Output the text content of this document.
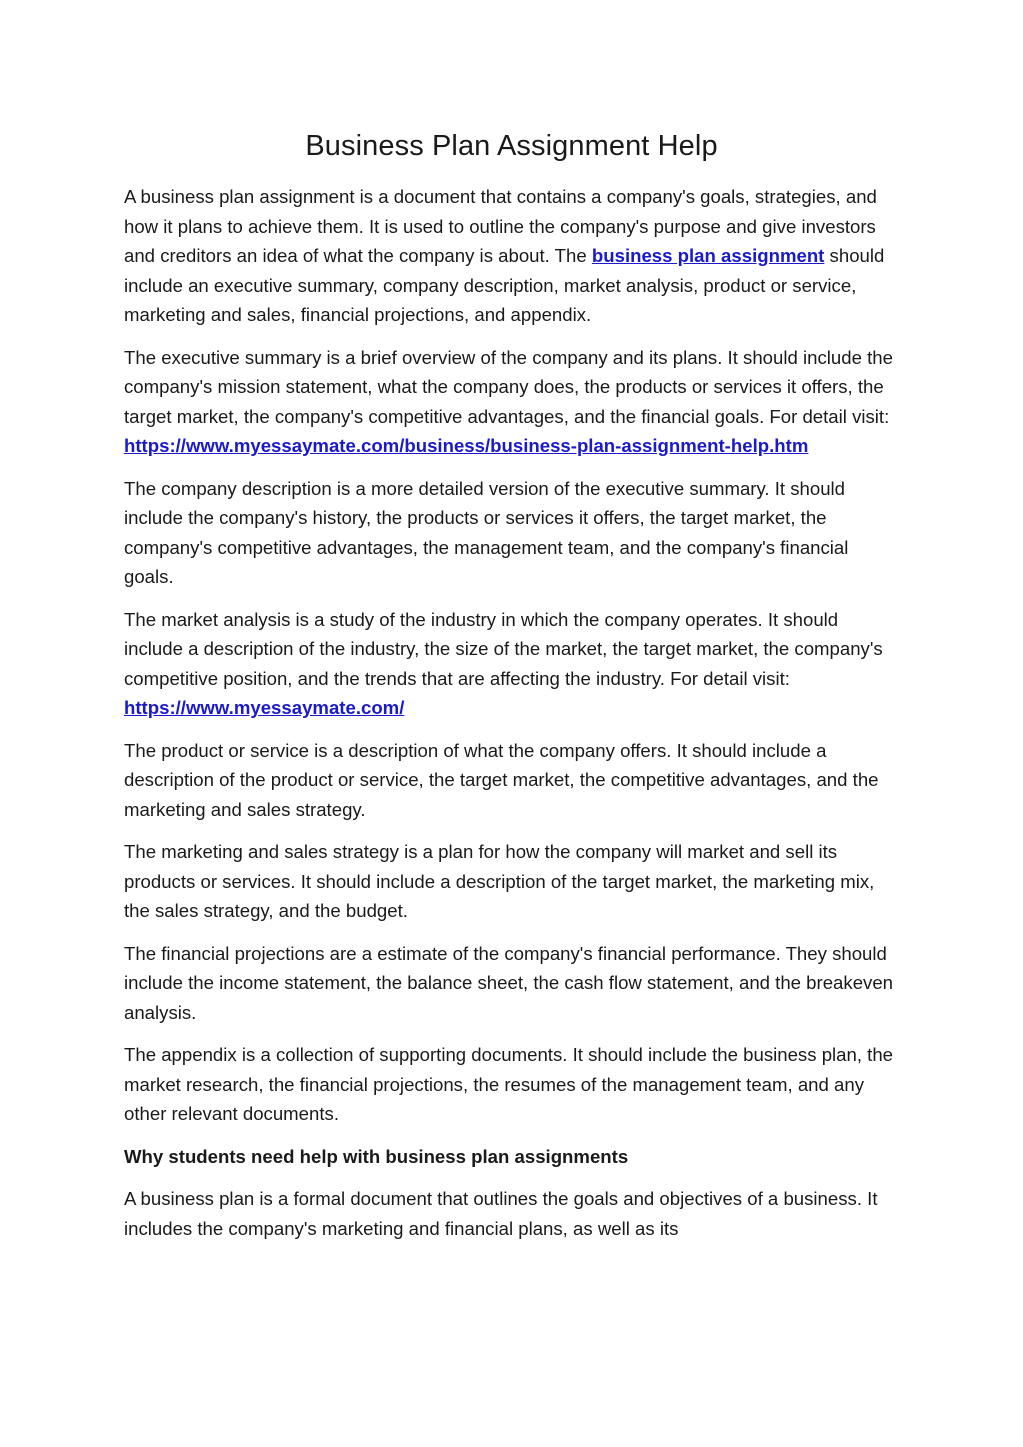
Business Plan Assignment Help

A business plan assignment is a document that contains a company's goals, strategies, and how it plans to achieve them. It is used to outline the company's purpose and give investors and creditors an idea of what the company is about. The business plan assignment should include an executive summary, company description, market analysis, product or service, marketing and sales, financial projections, and appendix.

The executive summary is a brief overview of the company and its plans. It should include the company's mission statement, what the company does, the products or services it offers, the target market, the company's competitive advantages, and the financial goals. For detail visit: https://www.myessaymate.com/business/business-plan-assignment-help.htm

The company description is a more detailed version of the executive summary. It should include the company's history, the products or services it offers, the target market, the company's competitive advantages, the management team, and the company's financial goals.

The market analysis is a study of the industry in which the company operates. It should include a description of the industry, the size of the market, the target market, the company's competitive position, and the trends that are affecting the industry. For detail visit: https://www.myessaymate.com/

The product or service is a description of what the company offers. It should include a description of the product or service, the target market, the competitive advantages, and the marketing and sales strategy.

The marketing and sales strategy is a plan for how the company will market and sell its products or services. It should include a description of the target market, the marketing mix, the sales strategy, and the budget.

The financial projections are a estimate of the company's financial performance. They should include the income statement, the balance sheet, the cash flow statement, and the breakeven analysis.

The appendix is a collection of supporting documents. It should include the business plan, the market research, the financial projections, the resumes of the management team, and any other relevant documents.

Why students need help with business plan assignments

A business plan is a formal document that outlines the goals and objectives of a business. It includes the company's marketing and financial plans, as well as its
